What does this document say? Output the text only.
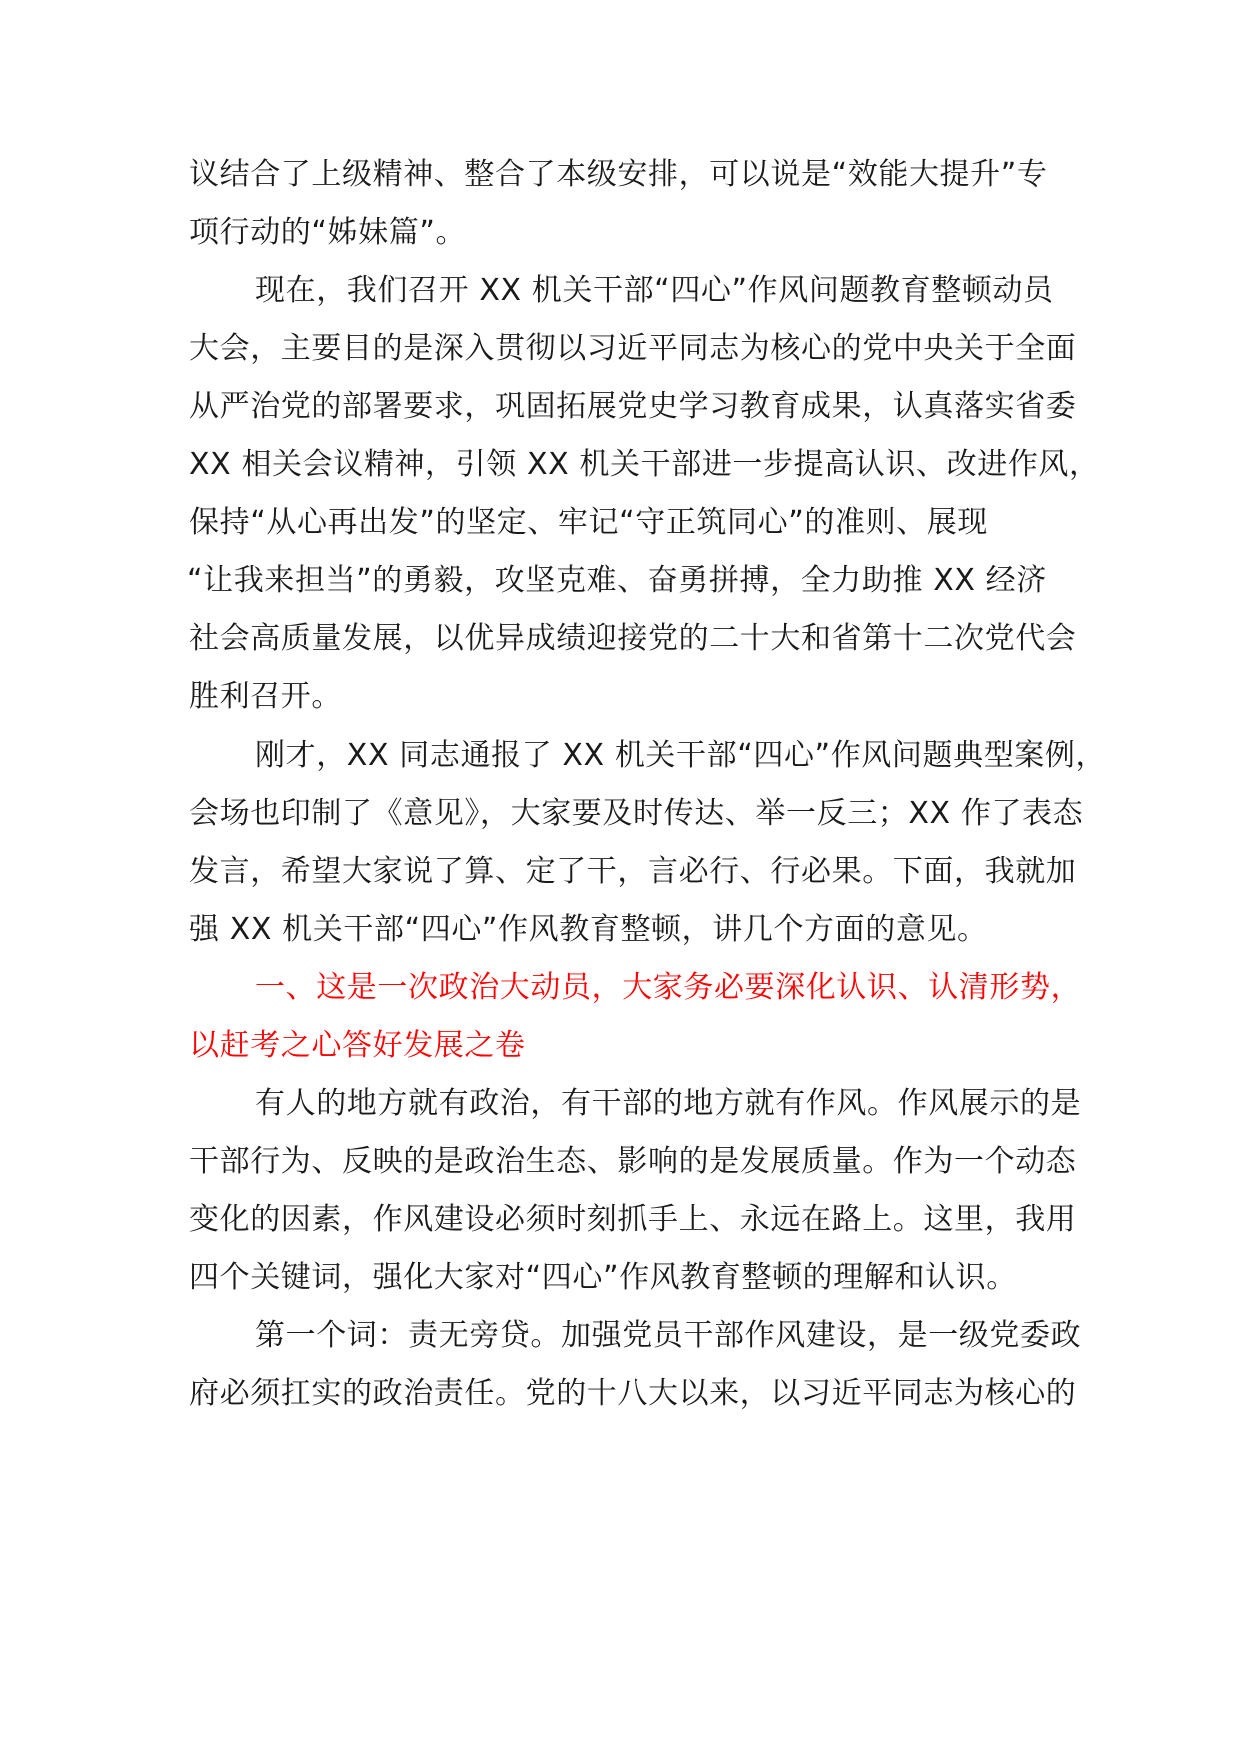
议结合了上级精神、整合了本级安排，可以说是“效能大提升”专
项行动的“姊妹篇”。
现在，我们召开 XX 机关干部“四心”作风问题教育整顿动员
大会，主要目的是深入贯彻以习近平同志为核心的党中央关于全面
从严治党的部署要求，巩固拓展党史学习教育成果，认真落实省委
XX 相关会议精神，引领 XX 机关干部进一步提高认识、改进作风，
保持“从心再出发”的坚定、牢记“守正筑同心”的准则、展现
“让我来担当”的勇毅，攻坚克难、奋勇拼搏，全力助推 XX 经济
社会高质量发展，以优异成绩迎接党的二十大和省第十二次党代会
胜利召开。
刚才，XX 同志通报了 XX 机关干部“四心”作风问题典型案例，
会场也印制了《意见》，大家要及时传达、举一反三；XX 作了表态
发言，希望大家说了算、定了干，言必行、行必果。下面，我就加
强 XX 机关干部“四心”作风教育整顿，讲几个方面的意见。
一、这是一次政治大动员，大家务必要深化认识、认清形势，
以赶考之心答好发展之卷
有人的地方就有政治，有干部的地方就有作风。作风展示的是
干部行为、反映的是政治生态、影响的是发展质量。作为一个动态
变化的因素，作风建设必须时刻抓手上、永远在路上。这里，我用
四个关键词，强化大家对“四心”作风教育整顿的理解和认识。
第一个词：责无旁贷。加强党员干部作风建设，是一级党委政
府必须扛实的政治责任。党的十八大以来，以习近平同志为核心的
